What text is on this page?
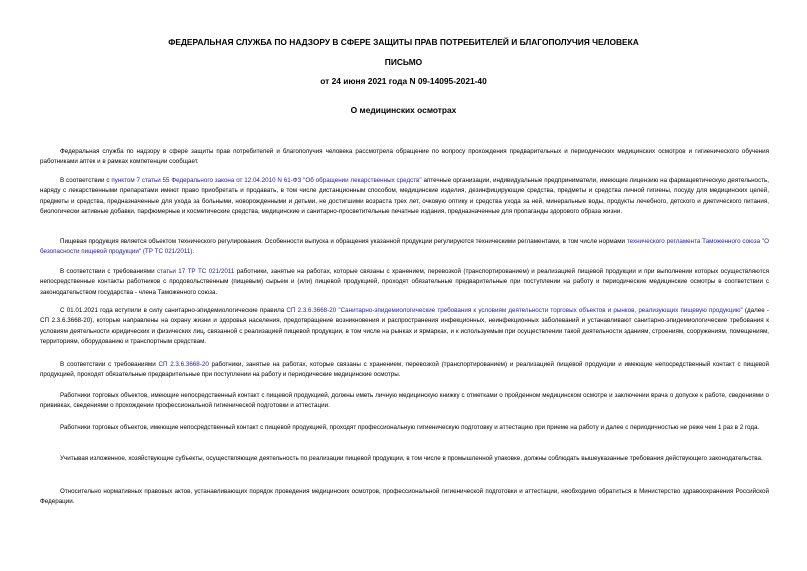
ФЕДЕРАЛЬНАЯ СЛУЖБА ПО НАДЗОРУ В СФЕРЕ ЗАЩИТЫ ПРАВ ПОТРЕБИТЕЛЕЙ И БЛАГОПОЛУЧИЯ ЧЕЛОВЕКА
ПИСЬМО
от 24 июня 2021 года N 09-14095-2021-40
О медицинских осмотрах

Федеральная служба по надзору в сфере защиты прав потребителей и благополучия человека рассмотрела обращение по вопросу прохождения предварительных и периодических медицинских осмотров и гигиенического обучения работниками аптек и в рамках компетенции сообщает.

В соответствии с пунктом 7 статьи 55 Федерального закона от 12.04.2010 N 61-ФЗ "Об обращении лекарственных средств" аптечные организации, индивидуальные предприниматели, имеющие лицензию на фармацевтическую деятельность, наряду с лекарственными препаратами имеют право приобретать и продавать, в том числе дистанционным способом, медицинские изделия, дезинфицирующие средства, предметы и средства личной гигиены, посуду для медицинских целей, предметы и средства, предназначенные для ухода за больными, новорожденными и детьми, не достигшими возраста трех лет, очковую оптику и средства ухода за ней, минеральные воды, продукты лечебного, детского и диетического питания, биологически активные добавки, парфюмерные и косметические средства, медицинские и санитарно-просветительные печатные издания, предназначенные для пропаганды здорового образа жизни.

Пищевая продукция является объектом технического регулирования. Особенности выпуска и обращения указанной продукции регулируются техническими регламентами, в том числе нормами технического регламента Таможенного союза "О безопасности пищевой продукции" (ТР ТС 021/2011).

В соответствии с требованиями статьи 17 ТР ТС 021/2011 работники, занятые на работах, которые связаны с хранением, перевозкой (транспортированием) и реализацией пищевой продукции и при выполнении которых осуществляются непосредственные контакты работников с продовольственным (пищевым) сырьем и (или) пищевой продукцией, проходят обязательные предварительные при поступлении на работу и периодические медицинские осмотры в соответствии с законодательством государства - члена Таможенного союза.

С 01.01.2021 года вступили в силу санитарно-эпидемиологические правила СП 2.3.6.3668-20 "Санитарно-эпидемиологические требования к условиям деятельности торговых объектов и рынков, реализующих пищевую продукцию" (далее - СП 2.3.6.3668-20), которые направлены на охрану жизни и здоровья населения, предотвращение возникновения и распространения инфекционных, неинфекционных заболеваний и устанавливают санитарно-эпидемиологические требования к условиям деятельности юридических и физических лиц, связанной с реализацией пищевой продукции, в том числе на рынках и ярмарках, и к используемым при осуществлении такой деятельности зданиям, строениям, сооружениям, помещениям, территориям, оборудованию и транспортным средствам.

В соответствии с требованиями СП 2.3.6.3668-20 работники, занятые на работах, которые связаны с хранением, перевозкой (транспортированием) и реализацией пищевой продукции и имеющие непосредственный контакт с пищевой продукцией, проходят обязательные предварительные при поступлении на работу и периодические медицинские осмотры.

Работники торговых объектов, имеющие непосредственный контакт с пищевой продукцией, должны иметь личную медицинскую книжку с отметками о пройденном медицинском осмотре и заключении врача о допуске к работе, сведениями о прививках, сведениями о прохождении профессиональной гигиенической подготовки и аттестации.

Работники торговых объектов, имеющие непосредственный контакт с пищевой продукцией, проходят профессиональную гигиеническую подготовку и аттестацию при приеме на работу и далее с периодичностью не реже чем 1 раз в 2 года.

Учитывая изложенное, хозяйствующие субъекты, осуществляющие деятельность по реализации пищевой продукции, в том числе в промышленной упаковке, должны соблюдать вышеуказанные требования действующего законодательства.

Относительно нормативных правовых актов, устанавливающих порядок проведения медицинских осмотров, профессиональной гигиенической подготовки и аттестации, необходимо обратиться в Министерство здравоохранения Российской Федерации.
